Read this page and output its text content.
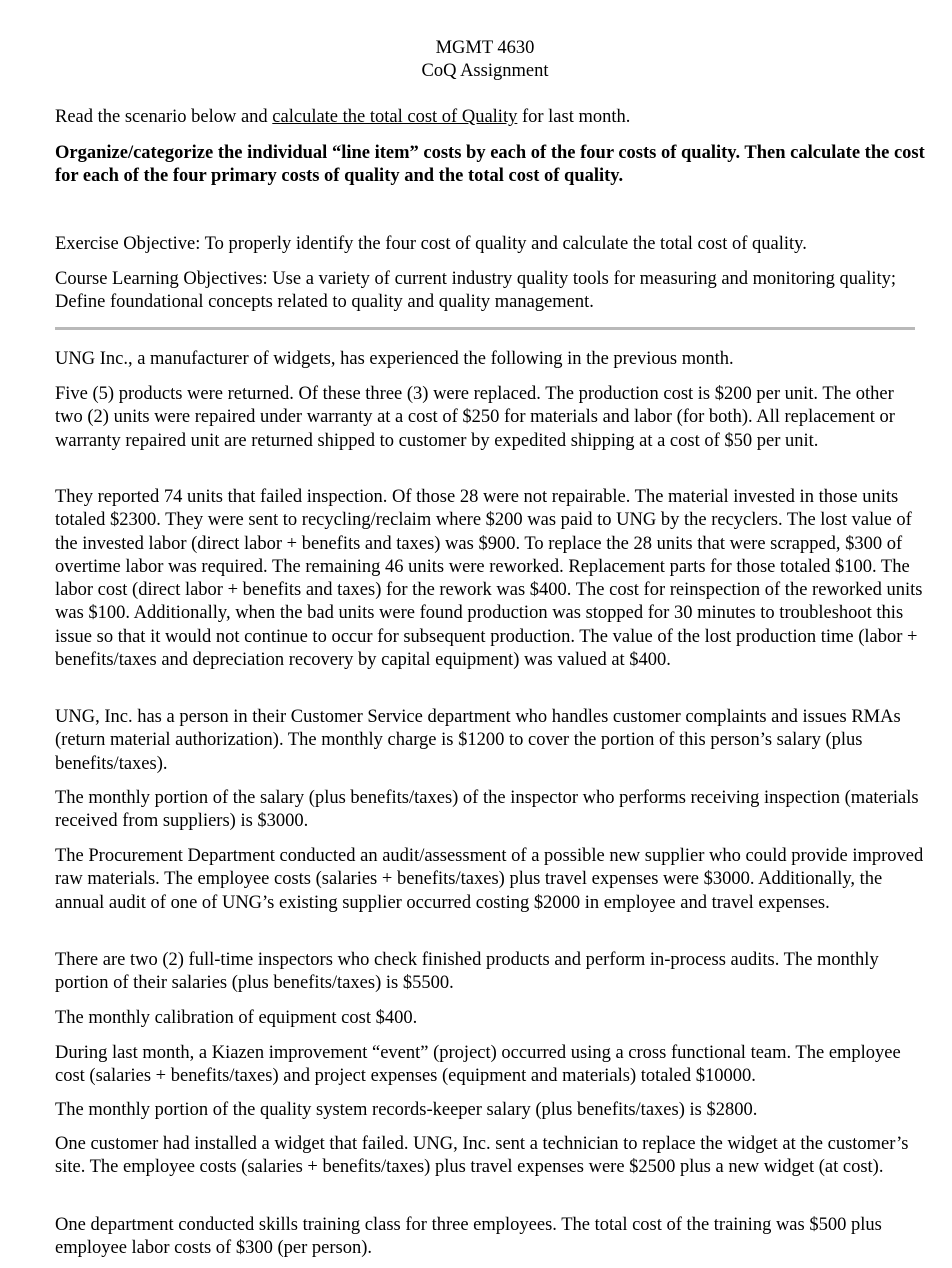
MGMT 4630
CoQ Assignment

Read the scenario below and calculate the total cost of Quality for last month.

Organize/categorize the individual “line item” costs by each of the four costs of quality. Then calculate the cost for each of the four primary costs of quality and the total cost of quality.

Exercise Objective: To properly identify the four cost of quality and calculate the total cost of quality.

Course Learning Objectives: Use a variety of current industry quality tools for measuring and monitoring quality; Define foundational concepts related to quality and quality management.

UNG Inc., a manufacturer of widgets, has experienced the following in the previous month.

Five (5) products were returned. Of these three (3) were replaced. The production cost is $200 per unit. The other two (2) units were repaired under warranty at a cost of $250 for materials and labor (for both). All replacement or warranty repaired unit are returned shipped to customer by expedited shipping at a cost of $50 per unit.

They reported 74 units that failed inspection. Of those 28 were not repairable. The material invested in those units totaled $2300. They were sent to recycling/reclaim where $200 was paid to UNG by the recyclers. The lost value of the invested labor (direct labor + benefits and taxes) was $900. To replace the 28 units that were scrapped, $300 of overtime labor was required. The remaining 46 units were reworked. Replacement parts for those totaled $100. The labor cost (direct labor + benefits and taxes) for the rework was $400. The cost for reinspection of the reworked units was $100. Additionally, when the bad units were found production was stopped for 30 minutes to troubleshoot this issue so that it would not continue to occur for subsequent production. The value of the lost production time (labor + benefits/taxes and depreciation recovery by capital equipment) was valued at $400.

UNG, Inc. has a person in their Customer Service department who handles customer complaints and issues RMAs (return material authorization). The monthly charge is $1200 to cover the portion of this person’s salary (plus benefits/taxes).

The monthly portion of the salary (plus benefits/taxes) of the inspector who performs receiving inspection (materials received from suppliers) is $3000.

The Procurement Department conducted an audit/assessment of a possible new supplier who could provide improved raw materials. The employee costs (salaries + benefits/taxes) plus travel expenses were $3000. Additionally, the annual audit of one of UNG’s existing supplier occurred costing $2000 in employee and travel expenses.

There are two (2) full-time inspectors who check finished products and perform in-process audits. The monthly portion of their salaries (plus benefits/taxes) is $5500.

The monthly calibration of equipment cost $400.

During last month, a Kiazen improvement “event” (project) occurred using a cross functional team. The employee cost (salaries + benefits/taxes) and project expenses (equipment and materials) totaled $10000.

The monthly portion of the quality system records-keeper salary (plus benefits/taxes) is $2800.

One customer had installed a widget that failed. UNG, Inc. sent a technician to replace the widget at the customer’s site. The employee costs (salaries + benefits/taxes) plus travel expenses were $2500 plus a new widget (at cost).

One department conducted skills training class for three employees. The total cost of the training was $500 plus employee labor costs of $300 (per person).
